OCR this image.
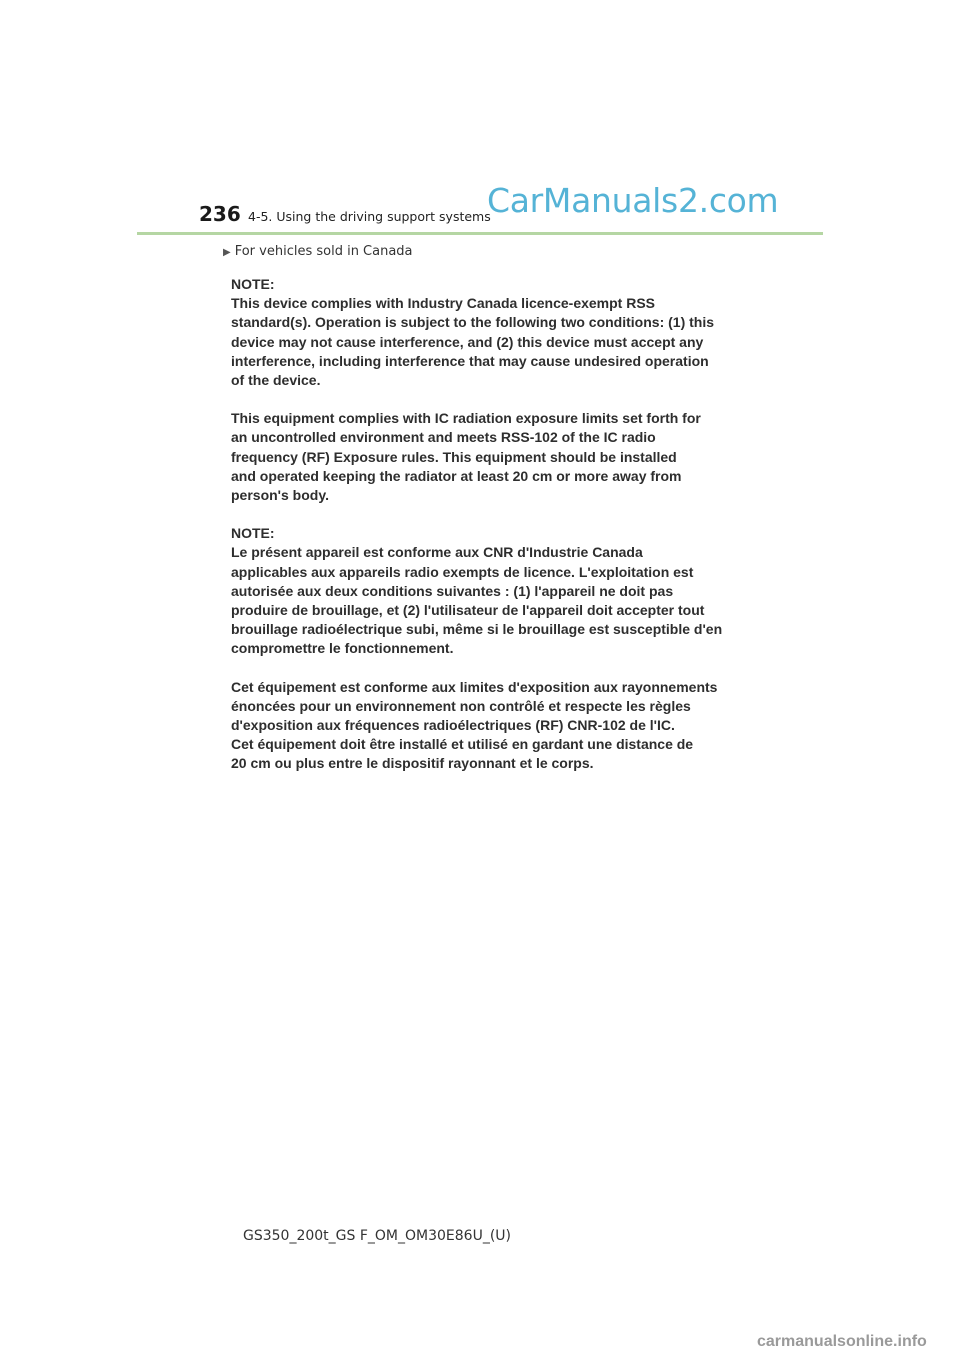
236 4-5. Using the driving support systems
CarManuals2.com
▶ For vehicles sold in Canada
NOTE:
This device complies with Industry Canada licence-exempt RSS
standard(s). Operation is subject to the following two conditions: (1) this
device may not cause interference, and (2) this device must accept any
interference, including interference that may cause undesired operation
of the device.
This equipment complies with IC radiation exposure limits set forth for
an uncontrolled environment and meets RSS-102 of the IC radio
frequency (RF) Exposure rules. This equipment should be installed
and operated keeping the radiator at least 20 cm or more away from
person's body.
NOTE:
Le présent appareil est conforme aux CNR d'Industrie Canada
applicables aux appareils radio exempts de licence. L'exploitation est
autorisée aux deux conditions suivantes : (1) l'appareil ne doit pas
produire de brouillage, et (2) l'utilisateur de l'appareil doit accepter tout
brouillage radioélectrique subi, même si le brouillage est susceptible d'en
compromettre le fonctionnement.
Cet équipement est conforme aux limites d'exposition aux rayonnements
énoncées pour un environnement non contrôlé et respecte les règles
d'exposition aux fréquences radioélectriques (RF) CNR-102 de l'IC.
Cet équipement doit être installé et utilisé en gardant une distance de
20 cm ou plus entre le dispositif rayonnant et le corps.
GS350_200t_GS F_OM_OM30E86U_(U)
carmanualsonline.info
